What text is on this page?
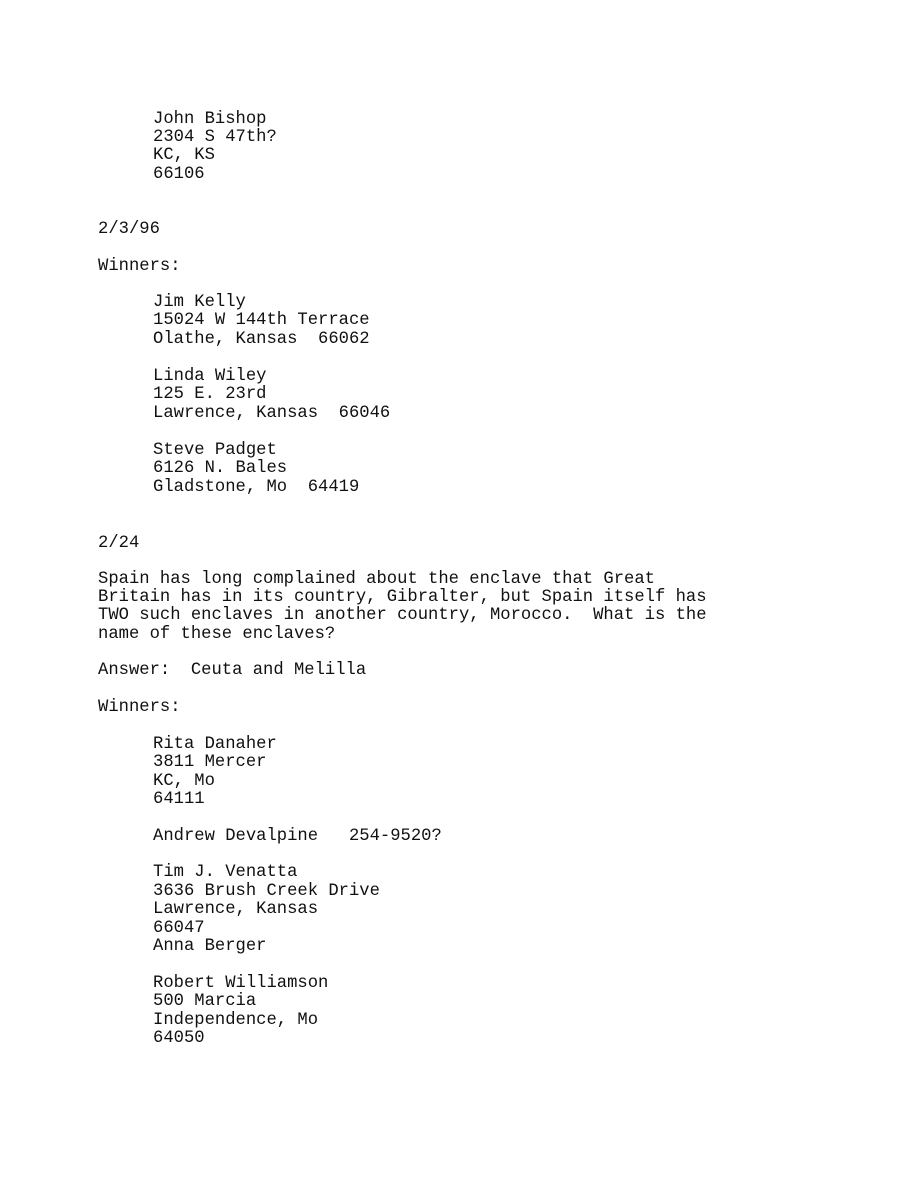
John Bishop
2304 S 47th?
KC, KS
66106
2/3/96
Winners:
Jim Kelly
15024 W 144th Terrace
Olathe, Kansas  66062
Linda Wiley
125 E. 23rd
Lawrence, Kansas  66046
Steve Padget
6126 N. Bales
Gladstone, Mo  64419
2/24
Spain has long complained about the enclave that Great
Britain has in its country, Gibralter, but Spain itself has
TWO such enclaves in another country, Morocco.  What is the
name of these enclaves?
Answer:  Ceuta and Melilla
Winners:
Rita Danaher
3811 Mercer
KC, Mo
64111
Andrew Devalpine   254-9520?
Tim J. Venatta
3636 Brush Creek Drive
Lawrence, Kansas
66047
Anna Berger
Robert Williamson
500 Marcia
Independence, Mo
64050
